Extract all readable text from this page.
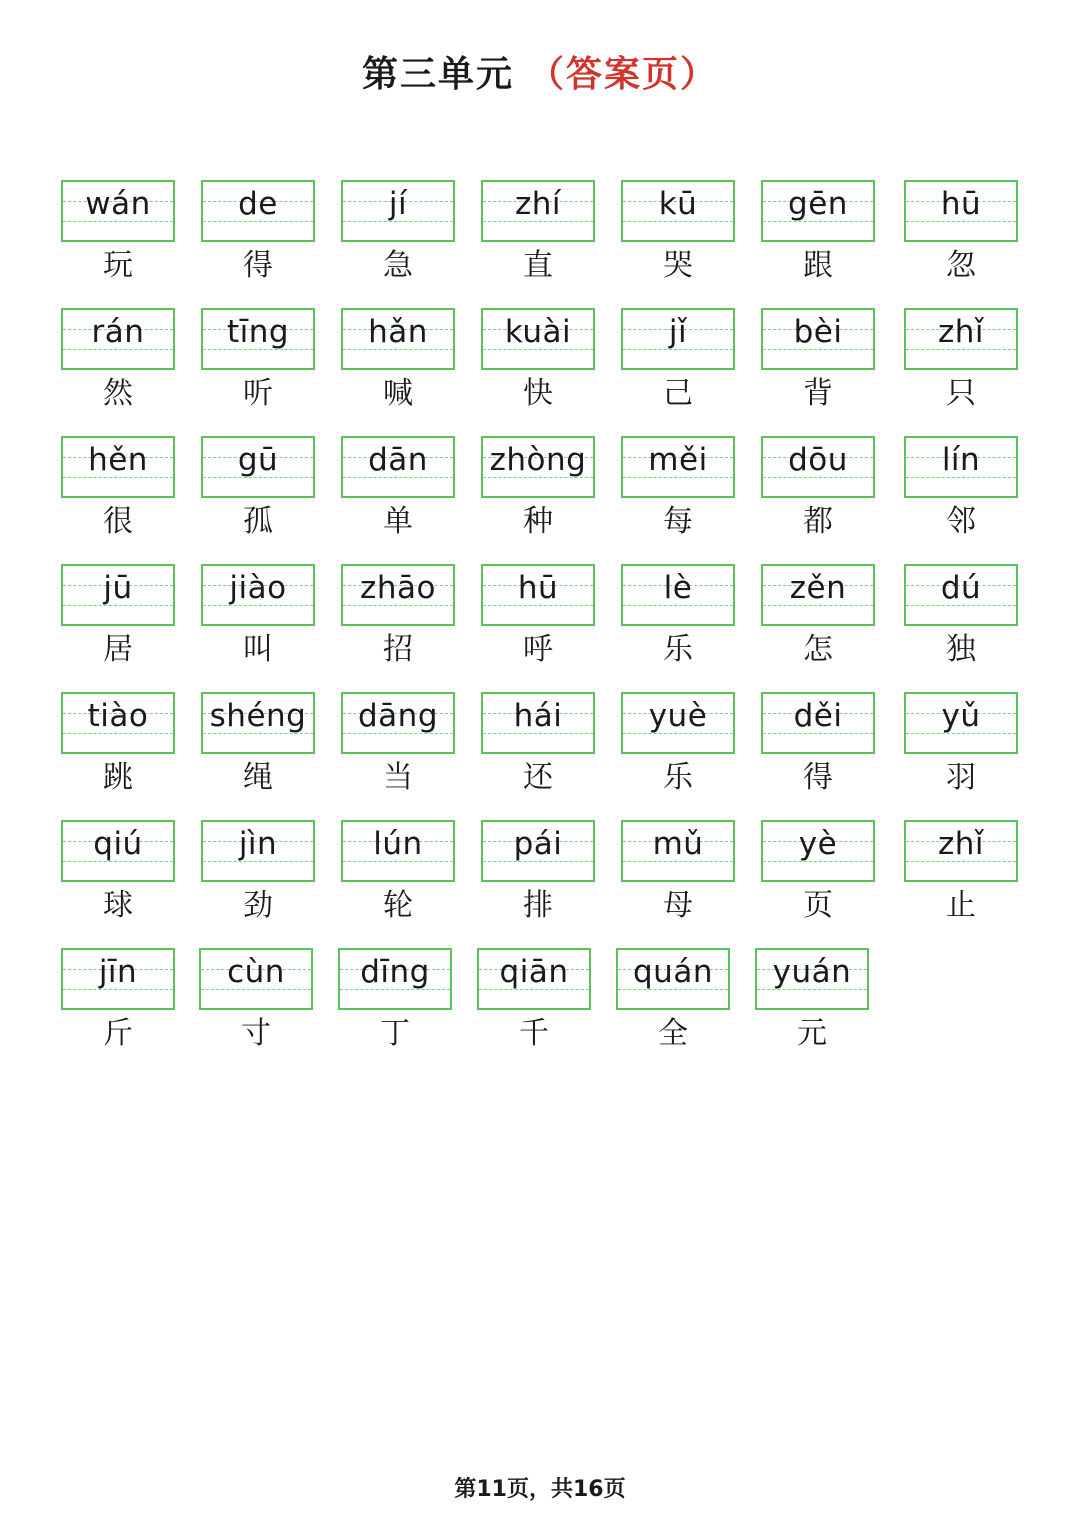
第三单元 （答案页）
wán
玩
de
得
jí
急
zhí
直
kū
哭
gēn
跟
hū
忽
rán
然
tīng
听
hǎn
喊
kuài
快
jǐ
己
bèi
背
zhǐ
只
hěn
很
gū
孤
dān
单
zhòng
种
měi
每
dōu
都
lín
邻
jū
居
jiào
叫
zhāo
招
hū
呼
lè
乐
zěn
怎
dú
独
tiào
跳
shéng
绳
dāng
当
hái
还
yuè
乐
děi
得
yǔ
羽
qiú
球
jìn
劲
lún
轮
pái
排
mǔ
母
yè
页
zhǐ
止
jīn
斤
cùn
寸
dīng
丁
qiān
千
quán
全
yuán
元
第11页，共16页
